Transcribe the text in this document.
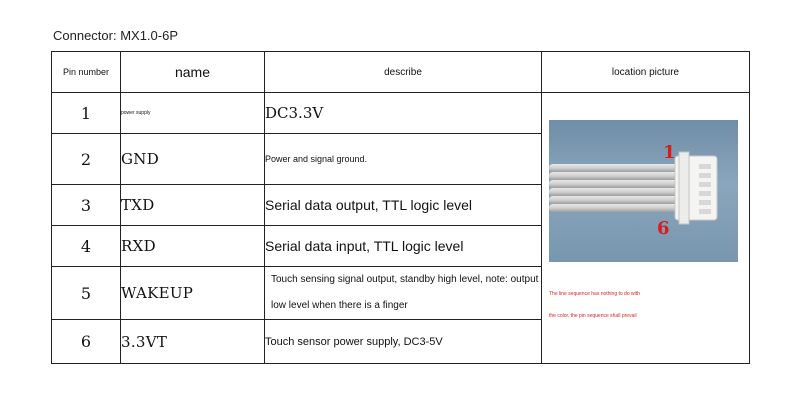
Connector: MX1.0-6P
Pin number	name	describe	location picture
1	power supply	DC3.3V	1
6
The line sequence has nothing to do with
the color, the pin sequence shall prevail

2	GND	Power and signal ground.	
3	TXD	Serial data output, TTL logic level	
4	RXD	Serial data input, TTL logic level	
5	WAKEUP	Touch sensing signal output, standby high level, note: output
low level when there is a finger	

6	3.3VT	Touch sensor power supply, DC3-5V	
